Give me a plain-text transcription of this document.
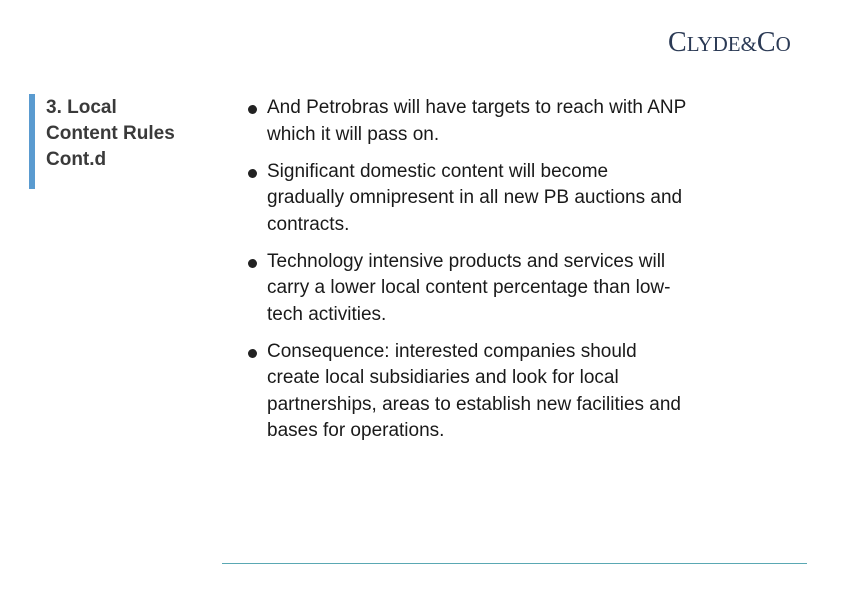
CLYDE&CO
3. Local
Content Rules
Cont.d
And Petrobras will have targets to reach with ANP which it will pass on.
Significant domestic content will become gradually omnipresent in all new PB auctions and contracts.
Technology intensive products and services will carry a lower local content percentage than low-tech activities.
Consequence: interested companies should create local subsidiaries and look for local partnerships, areas to establish new facilities and bases for operations.
